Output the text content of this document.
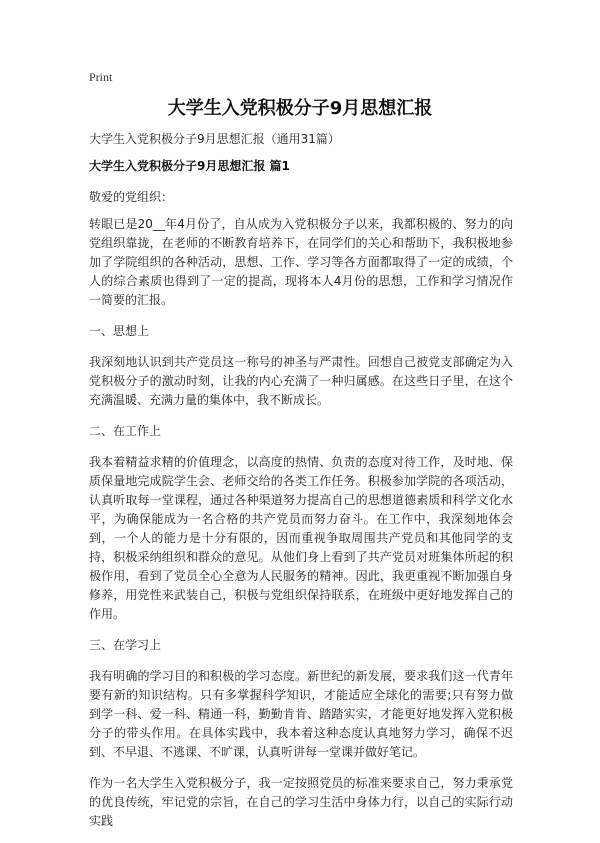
Print

大学生入党积极分子9月思想汇报

大学生入党积极分子9月思想汇报（通用31篇）

大学生入党积极分子9月思想汇报 篇1

敬爱的党组织：

转眼已是20__年4月份了，自从成为入党积极分子以来，我都积极的、努力的向党组织靠拢，在老师的不断教育培养下，在同学们的关心和帮助下，我积极地参加了学院组织的各种活动，思想、工作、学习等各方面都取得了一定的成绩，个人的综合素质也得到了一定的提高，现将本人4月份的思想，工作和学习情况作一简要的汇报。

一、思想上

我深刻地认识到共产党员这一称号的神圣与严肃性。回想自己被党支部确定为入党积极分子的激动时刻，让我的内心充满了一种归属感。在这些日子里，在这个充满温暖、充满力量的集体中，我不断成长。

二、在工作上

我本着精益求精的价值理念，以高度的热情、负责的态度对待工作，及时地、保质保量地完成院学生会、老师交给的各类工作任务。积极参加学院的各项活动，认真听取每一堂课程，通过各种渠道努力提高自己的思想道德素质和科学文化水平，为确保能成为一名合格的共产党员而努力奋斗。在工作中，我深刻地体会到，一个人的能力是十分有限的，因而重视争取周围共产党员和其他同学的支持，积极采纳组织和群众的意见。从他们身上看到了共产党员对班集体所起的积极作用，看到了党员全心全意为人民服务的精神。因此，我更重视不断加强自身修养，用党性来武装自己，积极与党组织保持联系，在班级中更好地发挥自己的作用。

三、在学习上

我有明确的学习目的和积极的学习态度。新世纪的新发展，要求我们这一代青年要有新的知识结构。只有多掌握科学知识，才能适应全球化的需要;只有努力做到学一科、爱一科、精通一科，勤勤肯肯、踏踏实实，才能更好地发挥入党积极分子的带头作用。在具体实践中，我本着这种态度认真地努力学习，确保不迟到、不早退、不逃课、不旷课，认真听讲每一堂课并做好笔记。

作为一名大学生入党积极分子，我一定按照党员的标准来要求自己，努力秉承党的优良传统，牢记党的宗旨，在自己的学习生活中身体力行，以自己的实际行动实践
